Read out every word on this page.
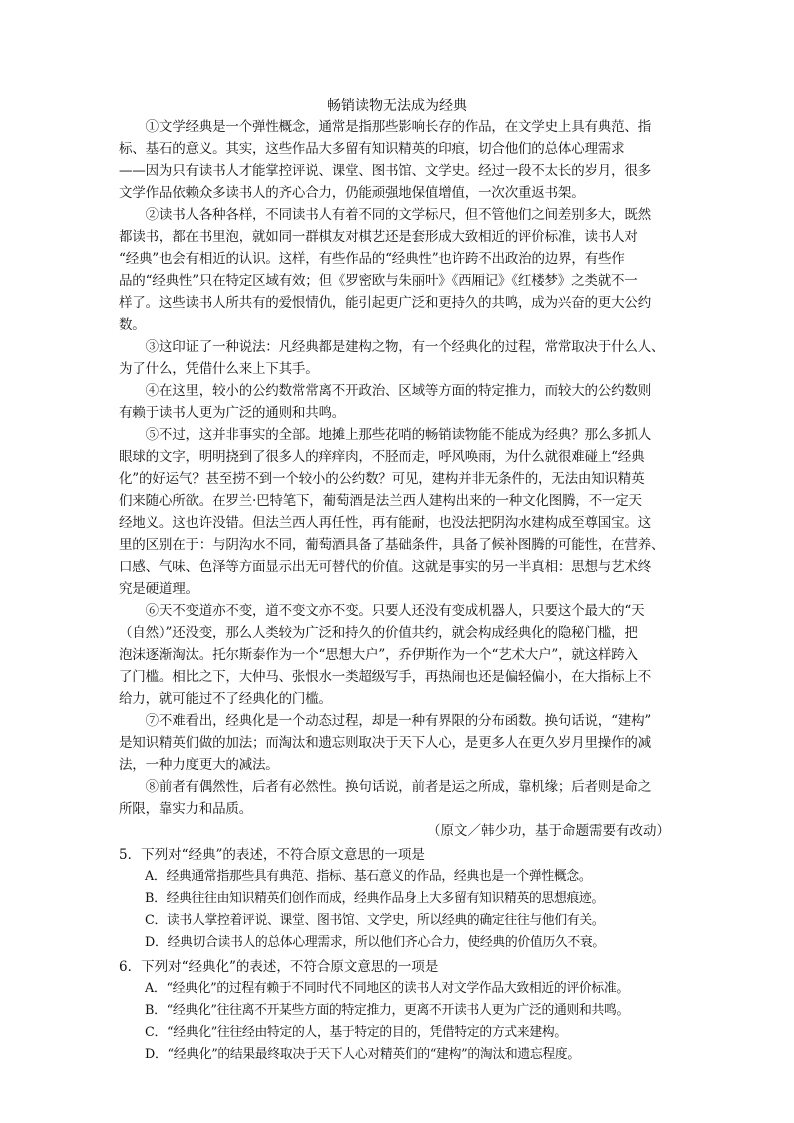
畅销读物无法成为经典
　　①文学经典是一个弹性概念，通常是指那些影响长存的作品，在文学史上具有典范、指
标、基石的意义。其实，这些作品大多留有知识精英的印痕，切合他们的总体心理需求
——因为只有读书人才能掌控评说、课堂、图书馆、文学史。经过一段不太长的岁月，很多
文学作品依赖众多读书人的齐心合力，仍能顽强地保值增值，一次次重返书架。
　　②读书人各种各样，不同读书人有着不同的文学标尺，但不管他们之间差别多大，既然
都读书，都在书里泡，就如同一群棋友对棋艺还是套形成大致相近的评价标准，读书人对
“经典”也会有相近的认识。这样，有些作品的“经典性”也许跨不出政治的边界，有些作
品的“经典性”只在特定区域有效；但《罗密欧与朱丽叶》《西厢记》《红楼梦》之类就不一
样了。这些读书人所共有的爱恨情仇，能引起更广泛和更持久的共鸣，成为兴奋的更大公约
数。
　　③这印证了一种说法：凡经典都是建构之物，有一个经典化的过程，常常取决于什么人、
为了什么，凭借什么来上下其手。
　　④在这里，较小的公约数常常离不开政治、区域等方面的特定推力，而较大的公约数则
有赖于读书人更为广泛的通则和共鸣。
　　⑤不过，这并非事实的全部。地摊上那些花哨的畅销读物能不能成为经典？那么多抓人
眼球的文字，明明挠到了很多人的痒痒肉，不胫而走，呼风唤雨，为什么就很难碰上“经典
化”的好运气？甚至捞不到一个较小的公约数？可见，建构并非无条件的，无法由知识精英
们来随心所欲。在罗兰·巴特笔下，葡萄酒是法兰西人建构出来的一种文化图腾，不一定天
经地义。这也许没错。但法兰西人再任性，再有能耐，也没法把阴沟水建构成至尊国宝。这
里的区别在于：与阴沟水不同，葡萄酒具备了基础条件，具备了候补图腾的可能性，在营养、
口感、气味、色泽等方面显示出无可替代的价值。这就是事实的另一半真相：思想与艺术终
究是硬道理。
　　⑥天不变道亦不变，道不变文亦不变。只要人还没有变成机器人，只要这个最大的“天
（自然）”还没变，那么人类较为广泛和持久的价值共约，就会构成经典化的隐秘门槛，把
泡沫逐渐淘汰。托尔斯泰作为一个“思想大户”，乔伊斯作为一个“艺术大户”，就这样跨入
了门槛。相比之下，大仲马、张恨水一类超级写手，再热闹也还是偏轻偏小，在大指标上不
给力，就可能过不了经典化的门槛。
　　⑦不难看出，经典化是一个动态过程，却是一种有界限的分布函数。换句话说，“建构”
是知识精英们做的加法；而淘汰和遗忘则取决于天下人心，是更多人在更久岁月里操作的减
法，一种力度更大的减法。
　　⑧前者有偶然性，后者有必然性。换句话说，前者是运之所成，靠机缘；后者则是命之
所限，靠实力和品质。
（原文／韩少功，基于命题需要有改动）
5．下列对“经典”的表述，不符合原文意思的一项是
A．经典通常指那些具有典范、指标、基石意义的作品，经典也是一个弹性概念。
B．经典往往由知识精英们创作而成，经典作品身上大多留有知识精英的思想痕迹。
C．读书人掌控着评说、课堂、图书馆、文学史，所以经典的确定往往与他们有关。
D．经典切合读书人的总体心理需求，所以他们齐心合力，使经典的价值历久不衰。
6．下列对“经典化”的表述，不符合原文意思的一项是
A．“经典化”的过程有赖于不同时代不同地区的读书人对文学作品大致相近的评价标准。
B．“经典化”往往离不开某些方面的特定推力，更离不开读书人更为广泛的通则和共鸣。
C．“经典化”往往经由特定的人，基于特定的目的，凭借特定的方式来建构。
D．“经典化”的结果最终取决于天下人心对精英们的“建构”的淘汰和遗忘程度。
